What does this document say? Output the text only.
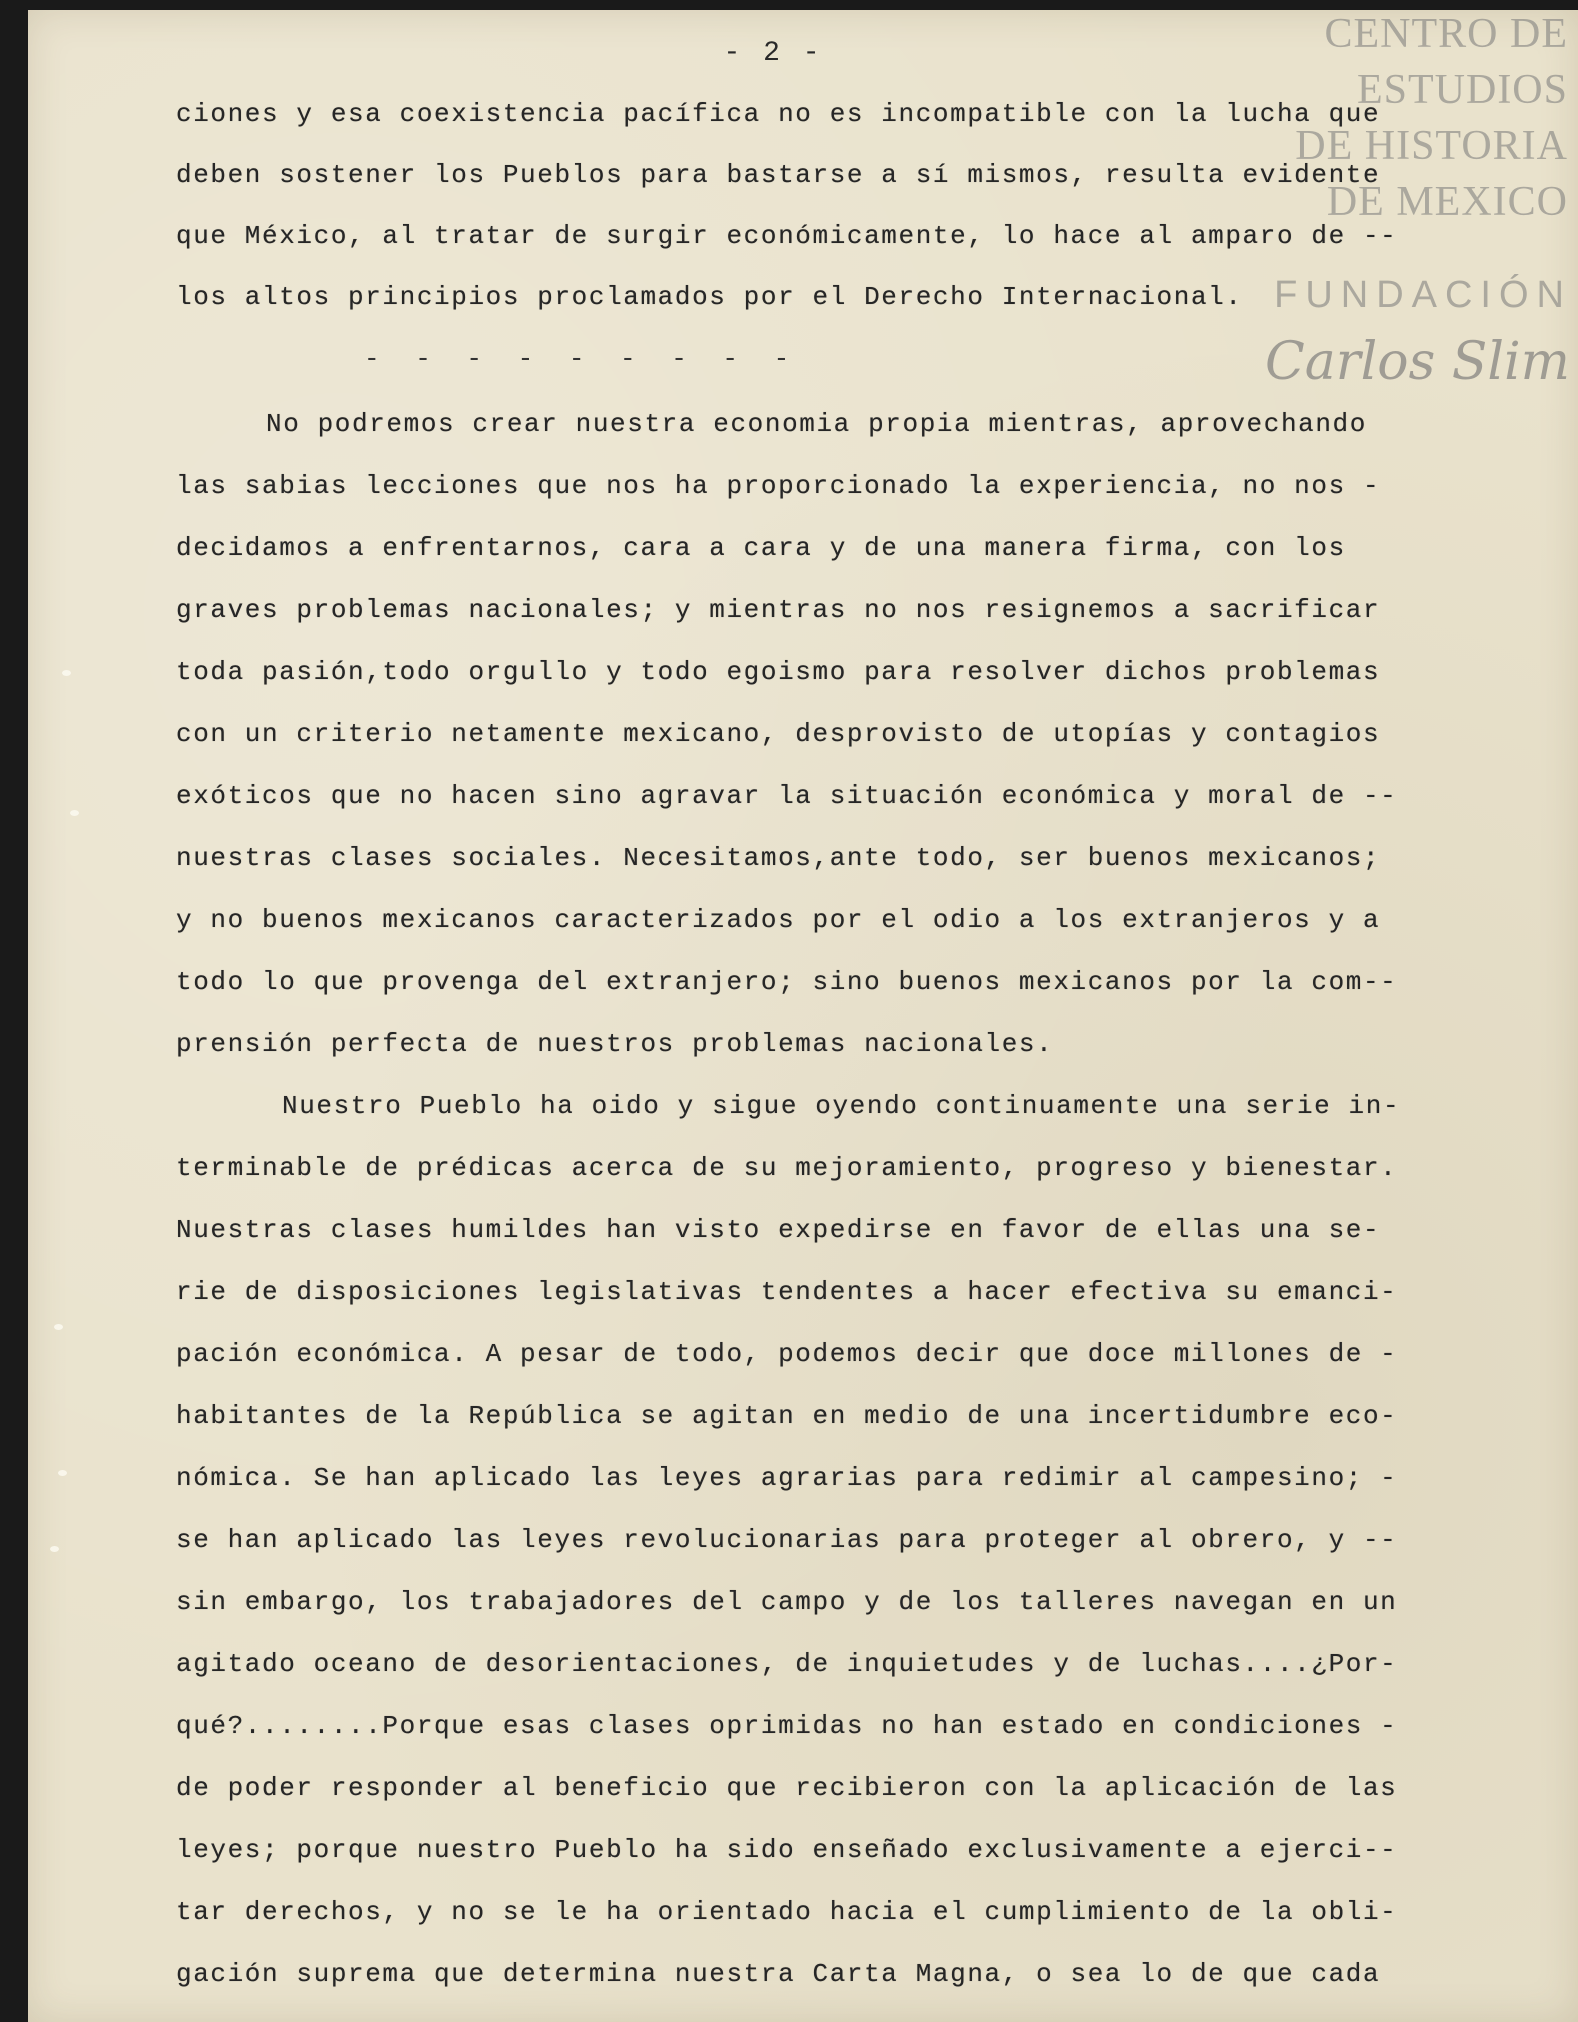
- 2 -
ciones y esa coexistencia pacífica no es incompatible con la lucha que
deben sostener los Pueblos para bastarse a sí mismos, resulta evidente
que México, al tratar de surgir económicamente, lo hace al amparo de --
los altos principios proclamados por el Derecho Internacional.
- - - - - - - - -
No podremos crear nuestra economia propia mientras, aprovechando
las sabias lecciones que nos ha proporcionado la experiencia, no nos -
decidamos a enfrentarnos, cara a cara y de una manera firma, con los
graves problemas nacionales; y mientras no nos resignemos a sacrificar
toda pasión,todo orgullo y todo egoismo para resolver dichos problemas
con un criterio netamente mexicano, desprovisto de utopías y contagios
exóticos que no hacen sino agravar la situación económica y moral de --
nuestras clases sociales. Necesitamos,ante todo, ser buenos mexicanos;
y no buenos mexicanos caracterizados por el odio a los extranjeros y a
todo lo que provenga del extranjero; sino buenos mexicanos por la com--
prensión perfecta de nuestros problemas nacionales.
Nuestro Pueblo ha oido y sigue oyendo continuamente una serie in-
terminable de prédicas acerca de su mejoramiento, progreso y bienestar.
Nuestras clases humildes han visto expedirse en favor de ellas una se-
rie de disposiciones legislativas tendentes a hacer efectiva su emanci-
pación económica. A pesar de todo, podemos decir que doce millones de -
habitantes de la República se agitan en medio de una incertidumbre eco-
nómica. Se han aplicado las leyes agrarias para redimir al campesino; -
se han aplicado las leyes revolucionarias para proteger al obrero, y --
sin embargo, los trabajadores del campo y de los talleres navegan en un
agitado oceano de desorientaciones, de inquietudes y de luchas....¿Por-
qué?........Porque esas clases oprimidas no han estado en condiciones -
de poder responder al beneficio que recibieron con la aplicación de las
leyes; porque nuestro Pueblo ha sido enseñado exclusivamente a ejerci--
tar derechos, y no se le ha orientado hacia el cumplimiento de la obli-
gación suprema que determina nuestra Carta Magna, o sea lo de que cada
CENTRO DE
ESTUDIOS
DE HISTORIA
DE MEXICO
FUNDACIÓN
Carlos Slim
